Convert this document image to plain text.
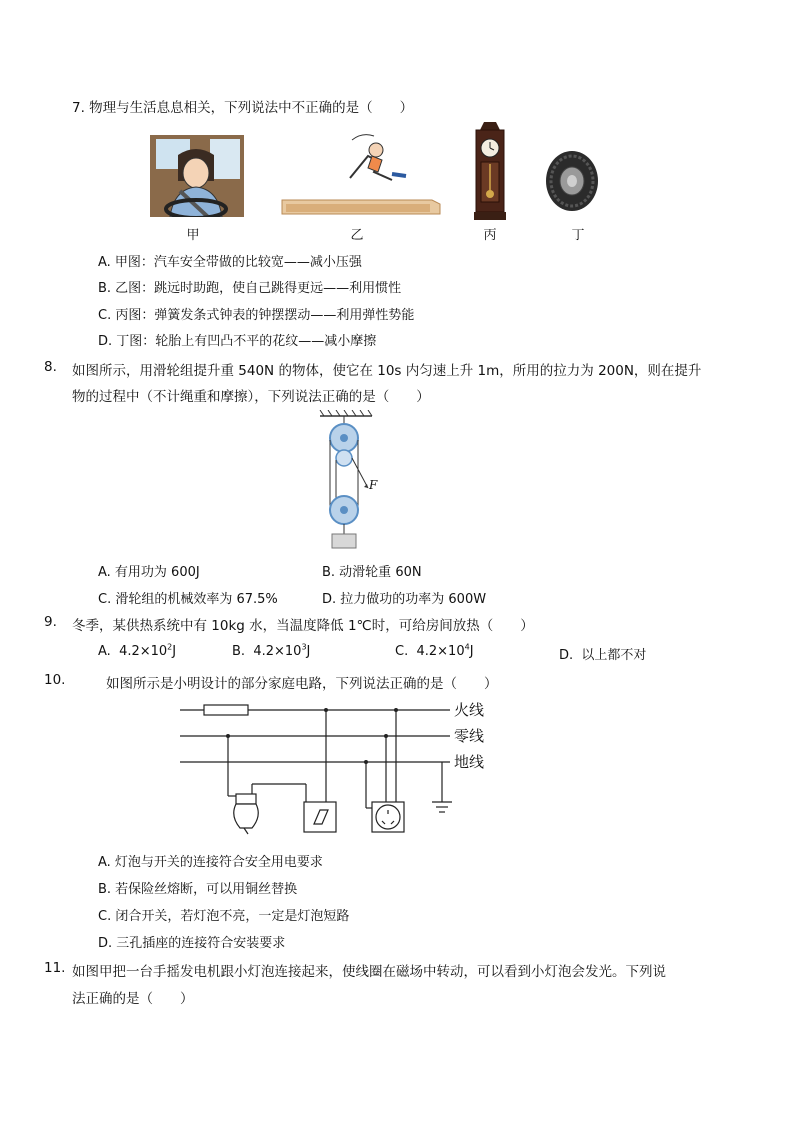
7. 物理与生活息息相关，下列说法中不正确的是（　　）
甲	乙	丙	丁
A. 甲图：汽车安全带做的比较宽——减小压强
B. 乙图：跳远时助跑，使自己跳得更远——利用惯性
C. 丙图：弹簧发条式钟表的钟摆摆动——利用弹性势能
D. 丁图：轮胎上有凹凸不平的花纹——减小摩擦
8. 如图所示，用滑轮组提升重 540N 的物体，使它在 10s 内匀速上升 1m，所用的拉力为 200N，则在提升
物的过程中（不计绳重和摩擦），下列说法正确的是（　　）
F
A. 有用功为 600J	B. 动滑轮重 60N
C. 滑轮组的机械效率为 67.5%	D. 拉力做功的功率为 600W
9. 冬季，某供热系统中有 10kg 水，当温度降低 1℃时，可给房间放热（　　）
A. $4.2\times 10^2J$	B. $4.2\times 10^3J$	C. $4.2\times 10^4J$	D. 以上都不对
10.	如图所示是小明设计的部分家庭电路，下列说法正确的是（　　）
火线
零线
地线
A. 灯泡与开关的连接符合安全用电要求
B. 若保险丝熔断，可以用铜丝替换
C. 闭合开关，若灯泡不亮，一定是灯泡短路
D. 三孔插座的连接符合安装要求
11. 如图甲把一台手摇发电机跟小灯泡连接起来，使线圈在磁场中转动，可以看到小灯泡会发光。下列说
法正确的是（　　）
